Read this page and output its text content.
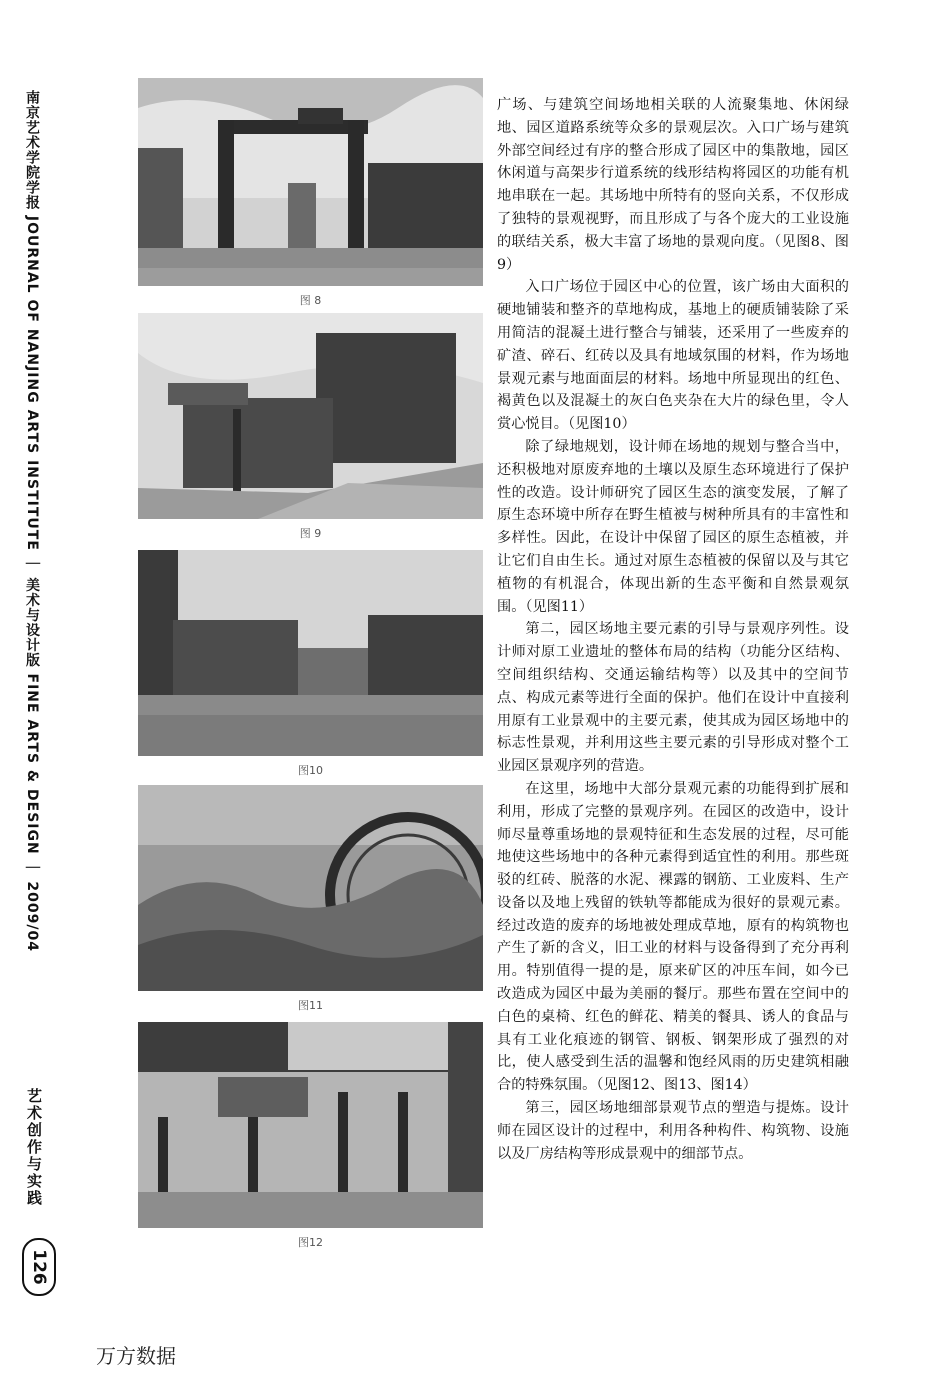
南京艺术学院学报 JOURNAL OF NANJING ARTS INSTITUTE ｜ 美术与设计版 FINE ARTS & DESIGN ｜ 2009/04
艺术创作与实践
126
图 8
图 9
图10
图11
图12

广场、与建筑空间场地相关联的人流聚集地、休闲绿地、园区道路系统等众多的景观层次。入口广场与建筑外部空间经过有序的整合形成了园区中的集散地，园区休闲道与高架步行道系统的线形结构将园区的功能有机地串联在一起。其场地中所特有的竖向关系，不仅形成了独特的景观视野，而且形成了与各个庞大的工业设施的联结关系，极大丰富了场地的景观向度。（见图8、图9）

入口广场位于园区中心的位置，该广场由大面积的硬地铺装和整齐的草地构成，基地上的硬质铺装除了采用简洁的混凝土进行整合与铺装，还采用了一些废弃的矿渣、碎石、红砖以及具有地域氛围的材料，作为场地景观元素与地面面层的材料。场地中所显现出的红色、褐黄色以及混凝土的灰白色夹杂在大片的绿色里，令人赏心悦目。（见图10）

除了绿地规划，设计师在场地的规划与整合当中，还积极地对原废弃地的土壤以及原生态环境进行了保护性的改造。设计师研究了园区生态的演变发展，了解了原生态环境中所存在野生植被与树种所具有的丰富性和多样性。因此，在设计中保留了园区的原生态植被，并让它们自由生长。通过对原生态植被的保留以及与其它植物的有机混合，体现出新的生态平衡和自然景观氛围。（见图11）

第二，园区场地主要元素的引导与景观序列性。设计师对原工业遗址的整体布局的结构（功能分区结构、空间组织结构、交通运输结构等）以及其中的空间节点、构成元素等进行全面的保护。他们在设计中直接利用原有工业景观中的主要元素，使其成为园区场地中的标志性景观，并利用这些主要元素的引导形成对整个工业园区景观序列的营造。

在这里，场地中大部分景观元素的功能得到扩展和利用，形成了完整的景观序列。在园区的改造中，设计师尽量尊重场地的景观特征和生态发展的过程，尽可能地使这些场地中的各种元素得到适宜性的利用。那些斑驳的红砖、脱落的水泥、裸露的钢筋、工业废料、生产设备以及地上残留的铁轨等都能成为很好的景观元素。经过改造的废弃的场地被处理成草地，原有的构筑物也产生了新的含义，旧工业的材料与设备得到了充分再利用。特别值得一提的是，原来矿区的冲压车间，如今已改造成为园区中最为美丽的餐厅。那些布置在空间中的白色的桌椅、红色的鲜花、精美的餐具、诱人的食品与具有工业化痕迹的钢管、钢板、钢架形成了强烈的对比，使人感受到生活的温馨和饱经风雨的历史建筑相融合的特殊氛围。（见图12、图13、图14）

第三，园区场地细部景观节点的塑造与提炼。设计师在园区设计的过程中，利用各种构件、构筑物、设施以及厂房结构等形成景观中的细部节点。

万方数据
